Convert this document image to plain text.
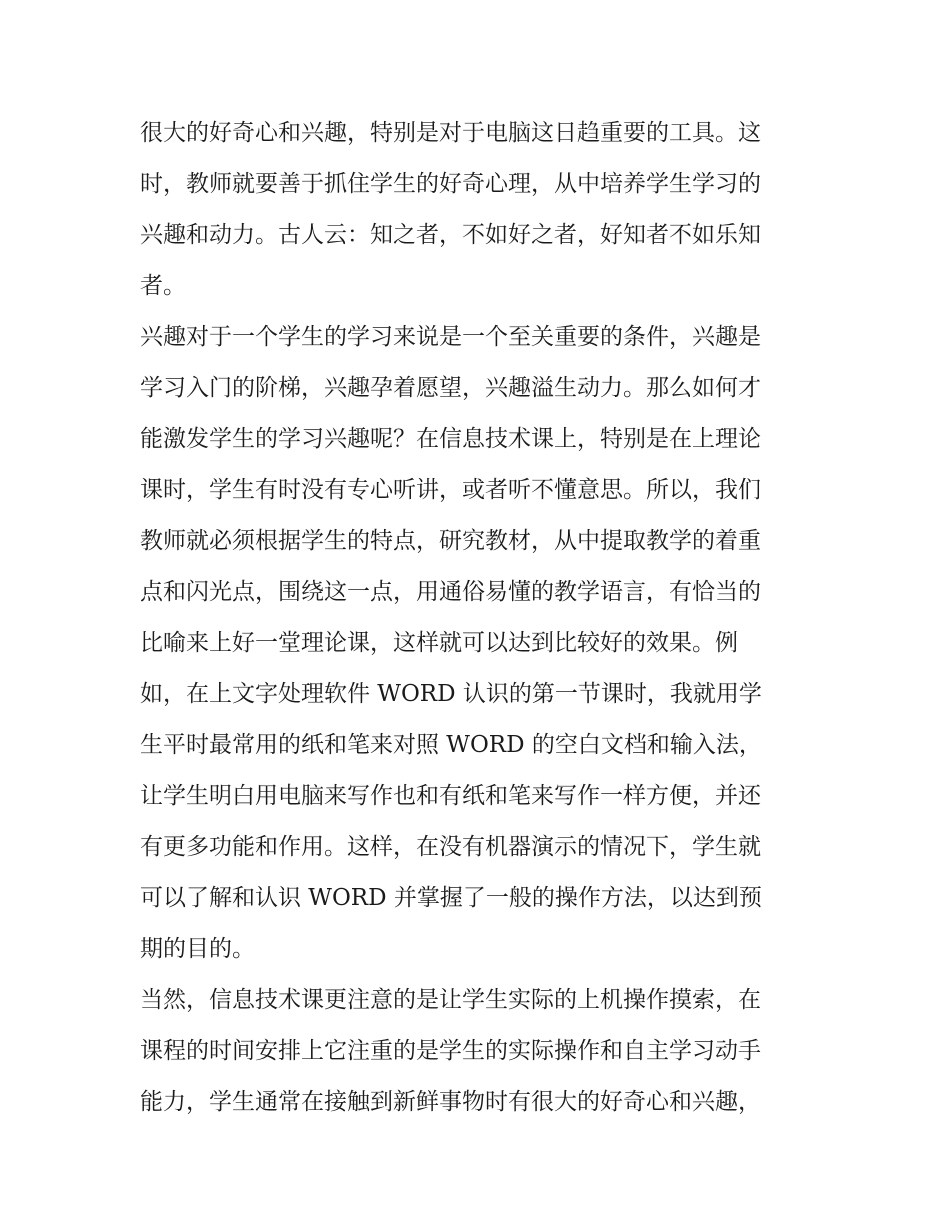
很大的好奇心和兴趣，特别是对于电脑这日趋重要的工具。这

时，教师就要善于抓住学生的好奇心理，从中培养学生学习的

兴趣和动力。古人云：知之者，不如好之者，好知者不如乐知

者。

兴趣对于一个学生的学习来说是一个至关重要的条件，兴趣是

学习入门的阶梯，兴趣孕着愿望，兴趣溢生动力。那么如何才

能激发学生的学习兴趣呢？在信息技术课上，特别是在上理论

课时，学生有时没有专心听讲，或者听不懂意思。所以，我们

教师就必须根据学生的特点，研究教材，从中提取教学的着重

点和闪光点，围绕这一点，用通俗易懂的教学语言，有恰当的

比喻来上好一堂理论课，这样就可以达到比较好的效果。例

如，在上文字处理软件 WORD 认识的第一节课时，我就用学

生平时最常用的纸和笔来对照 WORD 的空白文档和输入法，

让学生明白用电脑来写作也和有纸和笔来写作一样方便，并还

有更多功能和作用。这样，在没有机器演示的情况下，学生就

可以了解和认识 WORD 并掌握了一般的操作方法，以达到预

期的目的。

当然，信息技术课更注意的是让学生实际的上机操作摸索，在

课程的时间安排上它注重的是学生的实际操作和自主学习动手

能力，学生通常在接触到新鲜事物时有很大的好奇心和兴趣，
